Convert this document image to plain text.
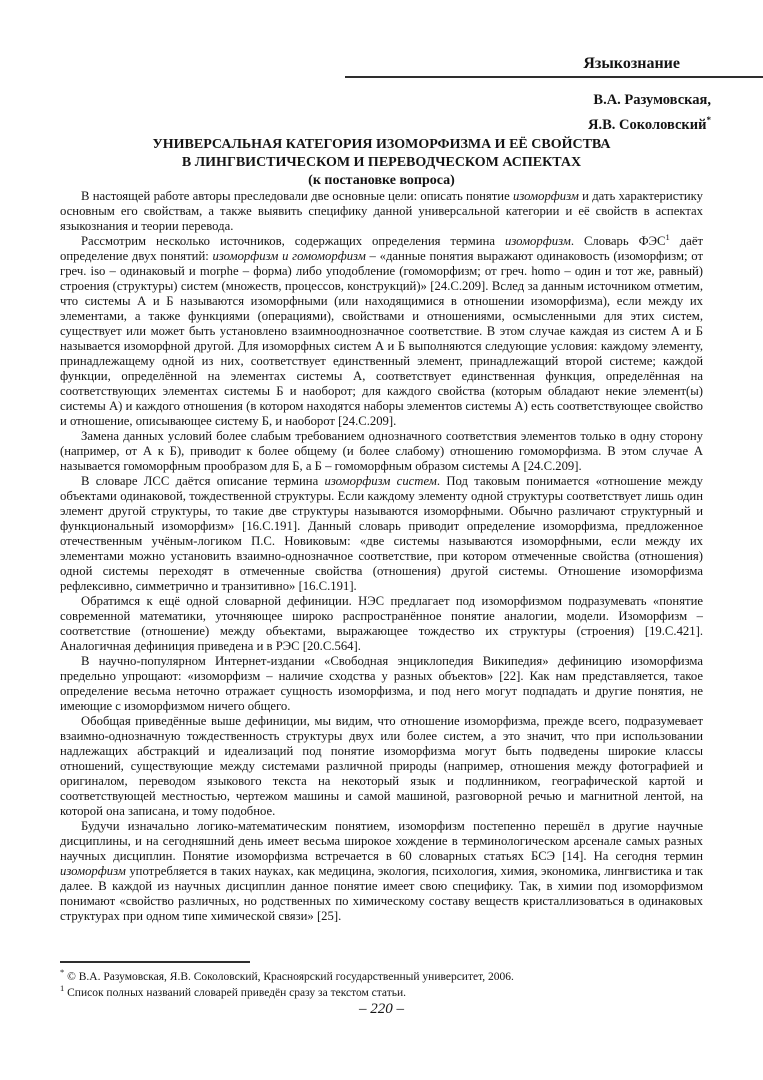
Языкознание
В.А. Разумовская,
Я.В. Соколовский*
УНИВЕРСАЛЬНАЯ КАТЕГОРИЯ ИЗОМОРФИЗМА И ЕЁ СВОЙСТВА
В ЛИНГВИСТИЧЕСКОМ И ПЕРЕВОДЧЕСКОМ АСПЕКТАХ
(к постановке вопроса)

В настоящей работе авторы преследовали две основные цели: описать понятие изоморфизм и дать характеристику основным его свойствам, а также выявить специфику данной универсальной категории и её свойств в аспектах языкознания и теории перевода.

Рассмотрим несколько источников, содержащих определения термина изоморфизм. Словарь ФЭС$^1$ даёт определение двух понятий: изоморфизм и гомоморфизм – «данные понятия выражают одинаковость (изоморфизм; от греч. iso – одинаковый и morphe – форма) либо уподобление (гомоморфизм; от греч. homo – один и тот же, равный) строения (структуры) систем (множеств, процессов, конструкций)» [24.С.209]. Вслед за данным источником отметим, что системы А и Б называются изоморфными (или находящимися в отношении изоморфизма), если между их элементами, а также функциями (операциями), свойствами и отношениями, осмысленными для этих систем, существует или может быть установлено взаимнооднозначное соответствие. В этом случае каждая из систем А и Б называется изоморфной другой. Для изоморфных систем А и Б выполняются следующие условия: каждому элементу, принадлежащему одной из них, соответствует единственный элемент, принадлежащий второй системе; каждой функции, определённой на элементах системы А, соответствует единственная функция, определённая на соответствующих элементах системы Б и наоборот; для каждого свойства (которым обладают некие элемент(ы) системы А) и каждого отношения (в котором находятся наборы элементов системы А) есть соответствующее свойство и отношение, описывающее систему Б, и наоборот [24.С.209].

Замена данных условий более слабым требованием однозначного соответствия элементов только в одну сторону (например, от А к Б), приводит к более общему (и более слабому) отношению гомоморфизма. В этом случае А называется гомоморфным прообразом для Б, а Б – гомоморфным образом системы А [24.С.209].

В словаре ЛСС даётся описание термина изоморфизм систем. Под таковым понимается «отношение между объектами одинаковой, тождественной структуры. Если каждому элементу одной структуры соответствует лишь один элемент другой структуры, то такие две структуры называются изоморфными. Обычно различают структурный и функциональный изоморфизм» [16.С.191]. Данный словарь приводит определение изоморфизма, предложенное отечественным учёным-логиком П.С. Новиковым: «две системы называются изоморфными, если между их элементами можно установить взаимно-однозначное соответствие, при котором отмеченные свойства (отношения) одной системы переходят в отмеченные свойства (отношения) другой системы. Отношение изоморфизма рефлексивно, симметрично и транзитивно» [16.С.191].

Обратимся к ещё одной словарной дефиниции. НЭС предлагает под изоморфизмом подразумевать «понятие современной математики, уточняющее широко распространённое понятие аналогии, модели. Изоморфизм – соответствие (отношение) между объектами, выражающее тождество их структуры (строения) [19.С.421]. Аналогичная дефиниция приведена и в РЭС [20.С.564].

В научно-популярном Интернет-издании «Свободная энциклопедия Википедия» дефиницию изоморфизма предельно упрощают: «изоморфизм – наличие сходства у разных объектов» [22]. Как нам представляется, такое определение весьма неточно отражает сущность изоморфизма, и под него могут подпадать и другие понятия, не имеющие с изоморфизмом ничего общего.

Обобщая приведённые выше дефиниции, мы видим, что отношение изоморфизма, прежде всего, подразумевает взаимно-однозначную тождественность структуры двух или более систем, а это значит, что при использовании надлежащих абстракций и идеализаций под понятие изоморфизма могут быть подведены широкие классы отношений, существующие между системами различной природы (например, отношения между фотографией и оригиналом, переводом языкового текста на некоторый язык и подлинником, географической картой и соответствующей местностью, чертежом машины и самой машиной, разговорной речью и магнитной лентой, на которой она записана, и тому подобное.

Будучи изначально логико-математическим понятием, изоморфизм постепенно перешёл в другие научные дисциплины, и на сегодняшний день имеет весьма широкое хождение в терминологическом арсенале самых разных научных дисциплин. Понятие изоморфизма встречается в 60 словарных статьях БСЭ [14]. На сегодня термин изоморфизм употребляется в таких науках, как медицина, экология, психология, химия, экономика, лингвистика и так далее. В каждой из научных дисциплин данное понятие имеет свою специфику. Так, в химии под изоморфизмом понимают «свойство различных, но родственных по химическому составу веществ кристаллизоваться в одинаковых структурах при одном типе химической связи» [25].

* © В.А. Разумовская, Я.В. Соколовский, Красноярский государственный университет, 2006.

$^1$ Список полных названий словарей приведён сразу за текстом статьи.

– 220 –
